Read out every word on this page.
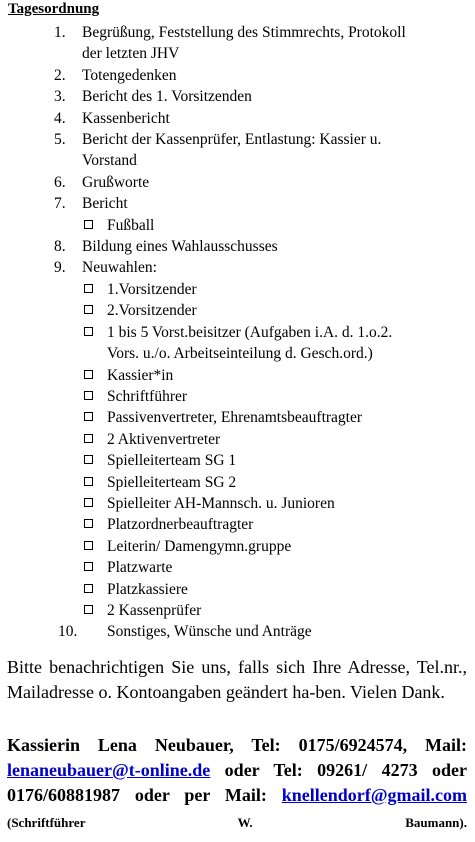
Tagesordnung
1. Begrüßung, Feststellung des Stimmrechts, Protokoll
der letzten JHV
2. Totengedenken
3. Bericht des 1. Vorsitzenden
4. Kassenbericht
5. Bericht der Kassenprüfer, Entlastung: Kassier u.
Vorstand
6. Grußworte
7. Bericht
Fußball
8. Bildung eines Wahlausschusses
9. Neuwahlen:
1.Vorsitzender
2.Vorsitzender
1 bis 5 Vorst.beisitzer (Aufgaben i.A. d. 1.o.2.
Vors. u./o. Arbeitseinteilung d. Gesch.ord.)
Kassier*in
Schriftführer
Passivenvertreter, Ehrenamtsbeauftragter
2 Aktivenvertreter
Spielleiterteam SG 1
Spielleiterteam SG 2
Spielleiter AH-Mannsch. u. Junioren
Platzordnerbeauftragter
Leiterin/ Damengymn.gruppe
Platzwarte
Platzkassiere
2 Kassenprüfer
10. Sonstiges, Wünsche und Anträge
Bitte benachrichtigen Sie uns, falls sich Ihre Adresse, Tel.nr., Mailadresse o. Kontoangaben geändert ha-ben. Vielen Dank.
Kassierin Lena Neubauer, Tel: 0175/6924574, Mail: lenaneubauer@t-online.de oder Tel: 09261/ 4273 oder 0176/60881987 oder per Mail: knellendorf@gmail.com (Schriftführer W. Baumann).
